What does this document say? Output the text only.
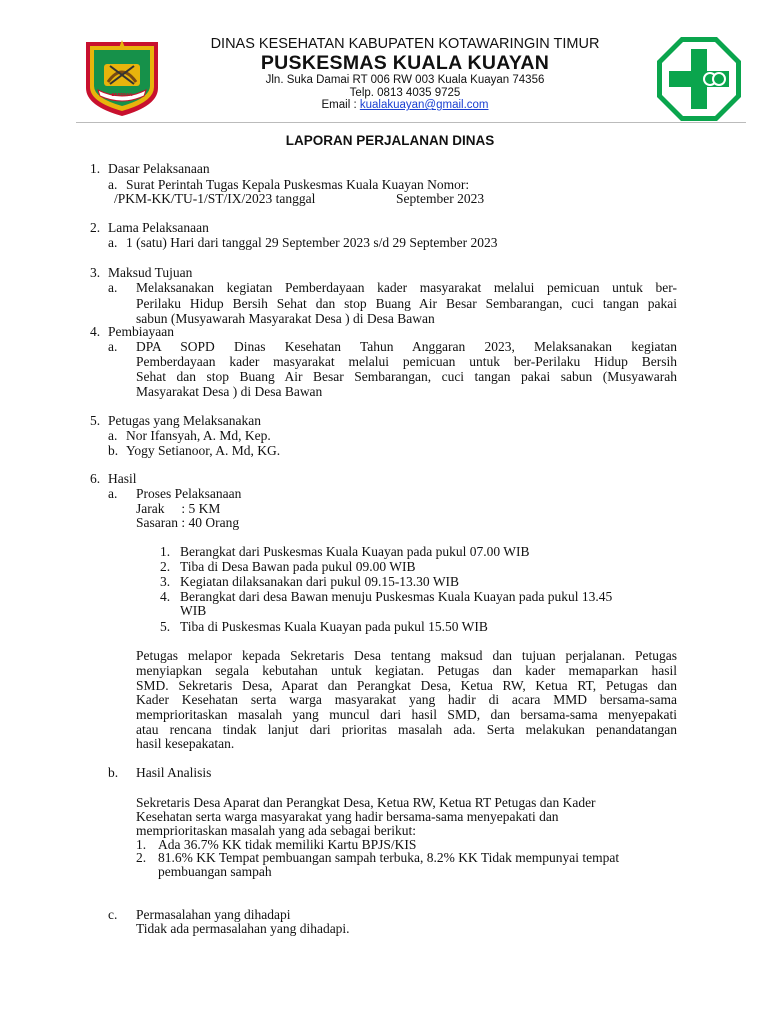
BERIMAN
DINAS KESEHATAN KABUPATEN KOTAWARINGIN TIMUR
PUSKESMAS KUALA KUAYAN
Jln. Suka Damai RT 006 RW 003 Kuala Kuayan 74356
Telp. 0813 4035 9725
Email : kualakuayan@gmail.com
LAPORAN PERJALANAN DINAS
1. Dasar Pelaksanaan
a. Surat Perintah Tugas Kepala Puskesmas Kuala Kuayan Nomor:
/PKM-KK/TU-1/ST/IX/2023 tanggal	September 2023
2. Lama Pelaksanaan
a. 1 (satu) Hari dari tanggal 29 September 2023 s/d 29 September 2023
3. Maksud Tujuan
a. Melaksanakan kegiatan Pemberdayaan kader masyarakat melalui pemicuan untuk ber-
Perilaku Hidup Bersih Sehat dan stop Buang Air Besar Sembarangan, cuci tangan pakai
sabun (Musyawarah Masyarakat Desa ) di Desa Bawan
4. Pembiayaan
a. DPA SOPD Dinas Kesehatan Tahun Anggaran 2023, Melaksanakan kegiatan
Pemberdayaan kader masyarakat melalui pemicuan untuk ber-Perilaku Hidup Bersih
Sehat dan stop Buang Air Besar Sembarangan, cuci tangan pakai sabun (Musyawarah
Masyarakat Desa ) di Desa Bawan
5. Petugas yang Melaksanakan
a. Nor Ifansyah, A. Md, Kep.
b. Yogy Setianoor, A. Md, KG.
6. Hasil
a. Proses Pelaksanaan
Jarak     : 5 KM
Sasaran : 40 Orang
1. Berangkat dari Puskesmas Kuala Kuayan pada pukul 07.00 WIB
2. Tiba di Desa Bawan pada pukul 09.00 WIB
3. Kegiatan dilaksanakan dari pukul 09.15-13.30 WIB
4. Berangkat dari desa Bawan menuju Puskesmas Kuala Kuayan pada pukul 13.45
WIB
5. Tiba di Puskesmas Kuala Kuayan pada pukul 15.50 WIB
Petugas melapor kepada Sekretaris Desa tentang maksud dan tujuan perjalanan. Petugas
menyiapkan segala kebutahan untuk kegiatan. Petugas dan kader memaparkan hasil
SMD. Sekretaris Desa, Aparat dan Perangkat Desa, Ketua RW, Ketua RT, Petugas dan
Kader Kesehatan serta warga masyarakat yang hadir di acara MMD bersama-sama
memprioritaskan masalah yang muncul dari hasil SMD, dan bersama-sama menyepakati
atau rencana tindak lanjut dari prioritas masalah ada. Serta melakukan penandatangan
hasil kesepakatan.
b. Hasil Analisis
Sekretaris Desa Aparat dan Perangkat Desa, Ketua RW, Ketua RT Petugas dan Kader
Kesehatan serta warga masyarakat yang hadir bersama-sama menyepakati dan
memprioritaskan masalah yang ada sebagai berikut:
1. Ada 36.7% KK tidak memiliki Kartu BPJS/KIS
2. 81.6% KK Tempat pembuangan sampah terbuka, 8.2% KK Tidak mempunyai tempat
pembuangan sampah
c. Permasalahan yang dihadapi
Tidak ada permasalahan yang dihadapi.
